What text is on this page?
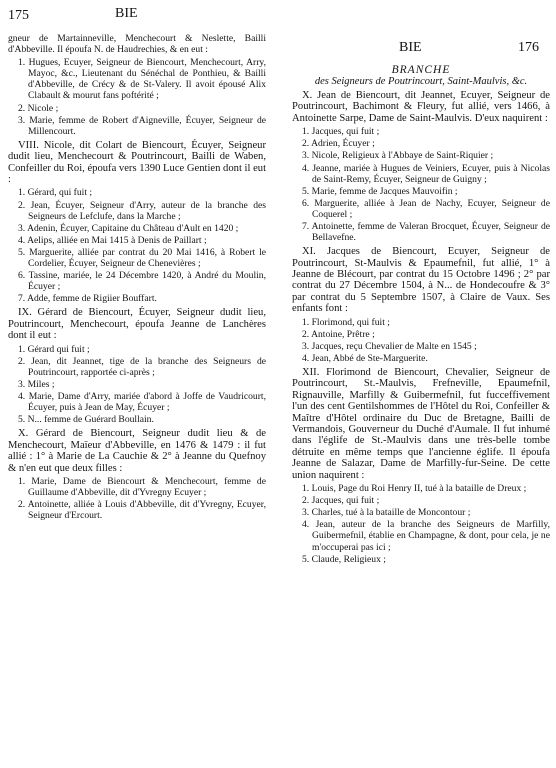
175	BIE
BIE	176

gneur de Martainneville, Menchecourt & Neslette, Bailli d'Abbeville. Il époufa N. de Haudrechies, & en eut :

1. Hugues, Ecuyer, Seigneur de Biencourt, Menchecourt, Arry, Mayoc, &c., Lieutenant du Sénéchal de Ponthieu, & Bailli d'Abbeville, de Crécy & de St-Valery. Il avoit épousé Alix Clabault & mourut fans poftérité ;
2. Nicole ;
3. Marie, femme de Robert d'Aigneville, Écuyer, Seigneur de Millencourt.

VIII. Nicole, dit Colart de Biencourt, Écuyer, Seigneur dudit lieu, Menchecourt & Poutrincourt, Bailli de Waben, Confeiller du Roi, époufa vers 1390 Luce Gentien dont il eut :

1. Gérard, qui fuit ;
2. Jean, Écuyer, Seigneur d'Arry, auteur de la branche des Seigneurs de Lefclufe, dans la Marche ;
3. Adenin, Écuyer, Capitaine du Château d'Ault en 1420 ;
4. Aelips, alliée en Mai 1415 à Denis de Paillart ;
5. Marguerite, alliée par contrat du 20 Mai 1416, à Robert le Cordelier, Écuyer, Seigneur de Chenevières ;
6. Tassine, mariée, le 24 Décembre 1420, à André du Moulin, Écuyer ;
7. Adde, femme de Rigiier Bouffart.

IX. Gérard de Biencourt, Écuyer, Seigneur dudit lieu, Poutrincourt, Menchecourt, époufa Jeanne de Lanchères dont il eut :

1. Gérard qui fuit ;
2. Jean, dit Jeannet, tige de la branche des Seigneurs de Poutrincourt, rapportée ci-après ;
3. Miles ;
4. Marie, Dame d'Arry, mariée d'abord à Joffe de Vaudricourt, Écuyer, puis à Jean de May, Écuyer ;
5. N... femme de Guérard Boullain.

X. Gérard de Biencourt, Seigneur dudit lieu & de Menchecourt, Maïeur d'Abbeville, en 1476 & 1479 : il fut allié : 1° à Marie de La Cauchie & 2° à Jeanne du Quefnoy & n'en eut que deux filles :

1. Marie, Dame de Biencourt & Menchecourt, femme de Guillaume d'Abbeville, dit d'Yvregny Ecuyer ;
2. Antoinette, alliée à Louis d'Abbeville, dit d'Yvregny, Ecuyer, Seigneur d'Ercourt.
BRANCHE
des Seigneurs de Poutrincourt, Saint-Maulvis, &c.

X. Jean de Biencourt, dit Jeannet, Ecuyer, Seigneur de Poutrincourt, Bachimont & Fleury, fut allié, vers 1466, à Antoinette Sarpe, Dame de Saint-Maulvis. D'eux naquirent :

1. Jacques, qui fuit ;
2. Adrien, Écuyer ;
3. Nicole, Religieux à l'Abbaye de Saint-Riquier ;
4. Jeanne, mariée à Hugues de Veiniers, Ecuyer, puis à Nicolas de Saint-Remy, Écuyer, Seigneur de Guigny ;
5. Marie, femme de Jacques Mauvoifin ;
6. Marguerite, alliée à Jean de Nachy, Ecuyer, Seigneur de Coquerel ;
7. Antoinette, femme de Valeran Brocquet, Écuyer, Seigneur de Bellavefne.

XI. Jacques de Biencourt, Ecuyer, Seigneur de Poutrincourt, St-Maulvis & Epaumefnil, fut allié, 1° à Jeanne de Blécourt, par contrat du 15 Octobre 1496 ; 2° par contrat du 27 Décembre 1504, à N... de Hondecoufre & 3° par contrat du 5 Septembre 1507, à Claire de Vaux. Ses enfants font :

1. Florimond, qui fuit ;
2. Antoine, Prêtre ;
3. Jacques, reçu Chevalier de Malte en 1545 ;
4. Jean, Abbé de Ste-Marguerite.

XII. Florimond de Biencourt, Chevalier, Seigneur de Poutrincourt, St.-Maulvis, Frefneville, Epaumefnil, Rignauville, Marfilly & Guibermefnil, fut fucceffivement l'un des cent Gentilshommes de l'Hôtel du Roi, Confeiller & Maître d'Hôtel ordinaire du Duc de Bretagne, Bailli de Vermandois, Gouverneur du Duché d'Aumale. Il fut inhumé dans l'églife de St.-Maulvis dans une très-belle tombe détruite en même temps que l'ancienne églife. Il époufa Jeanne de Salazar, Dame de Marfilly-fur-Seine. De cette union naquirent :

1. Louis, Page du Roi Henry II, tué à la bataille de Dreux ;
2. Jacques, qui fuit ;
3. Charles, tué à la bataille de Moncontour ;
4. Jean, auteur de la branche des Seigneurs de Marfilly, Guibermefnil, établie en Champagne, & dont, pour cela, je ne m'occuperai pas ici ;
5. Claude, Religieux ;
